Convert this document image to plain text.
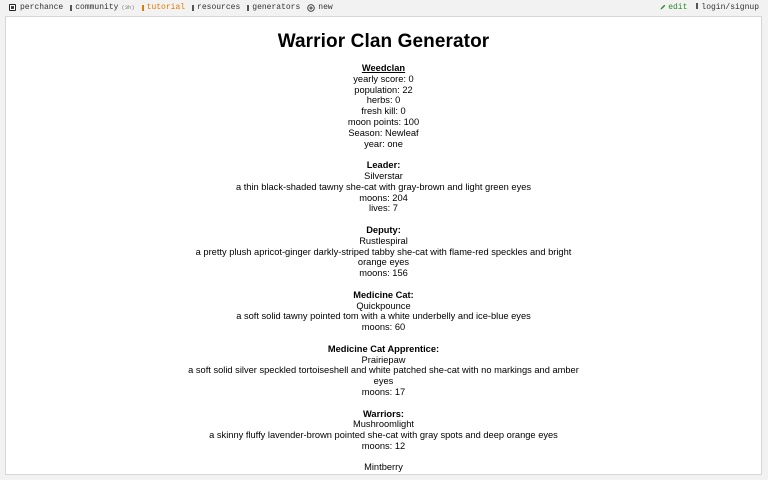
perchance community (3h) tutorial resources generators new	edit	login/signup
Warrior Clan Generator
Weedclan
yearly score: 0
population: 22
herbs: 0
fresh kill: 0
moon points: 100
Season: Newleaf
year: one
Leader:
Silverstar
a thin black-shaded tawny she-cat with gray-brown and light green eyes
moons: 204
lives: 7
Deputy:
Rustlespiral
a pretty plush apricot-ginger darkly-striped tabby she-cat with flame-red speckles and bright orange eyes
moons: 156
Medicine Cat:
Quickpounce
a soft solid tawny pointed tom with a white underbelly and ice-blue eyes
moons: 60
Medicine Cat Apprentice:
Prairiepaw
a soft solid silver speckled tortoiseshell and white patched she-cat with no markings and amber eyes
moons: 17
Warriors:
Mushroomlight
a skinny fluffy lavender-brown pointed she-cat with gray spots and deep orange eyes
moons: 12
Mintberry
